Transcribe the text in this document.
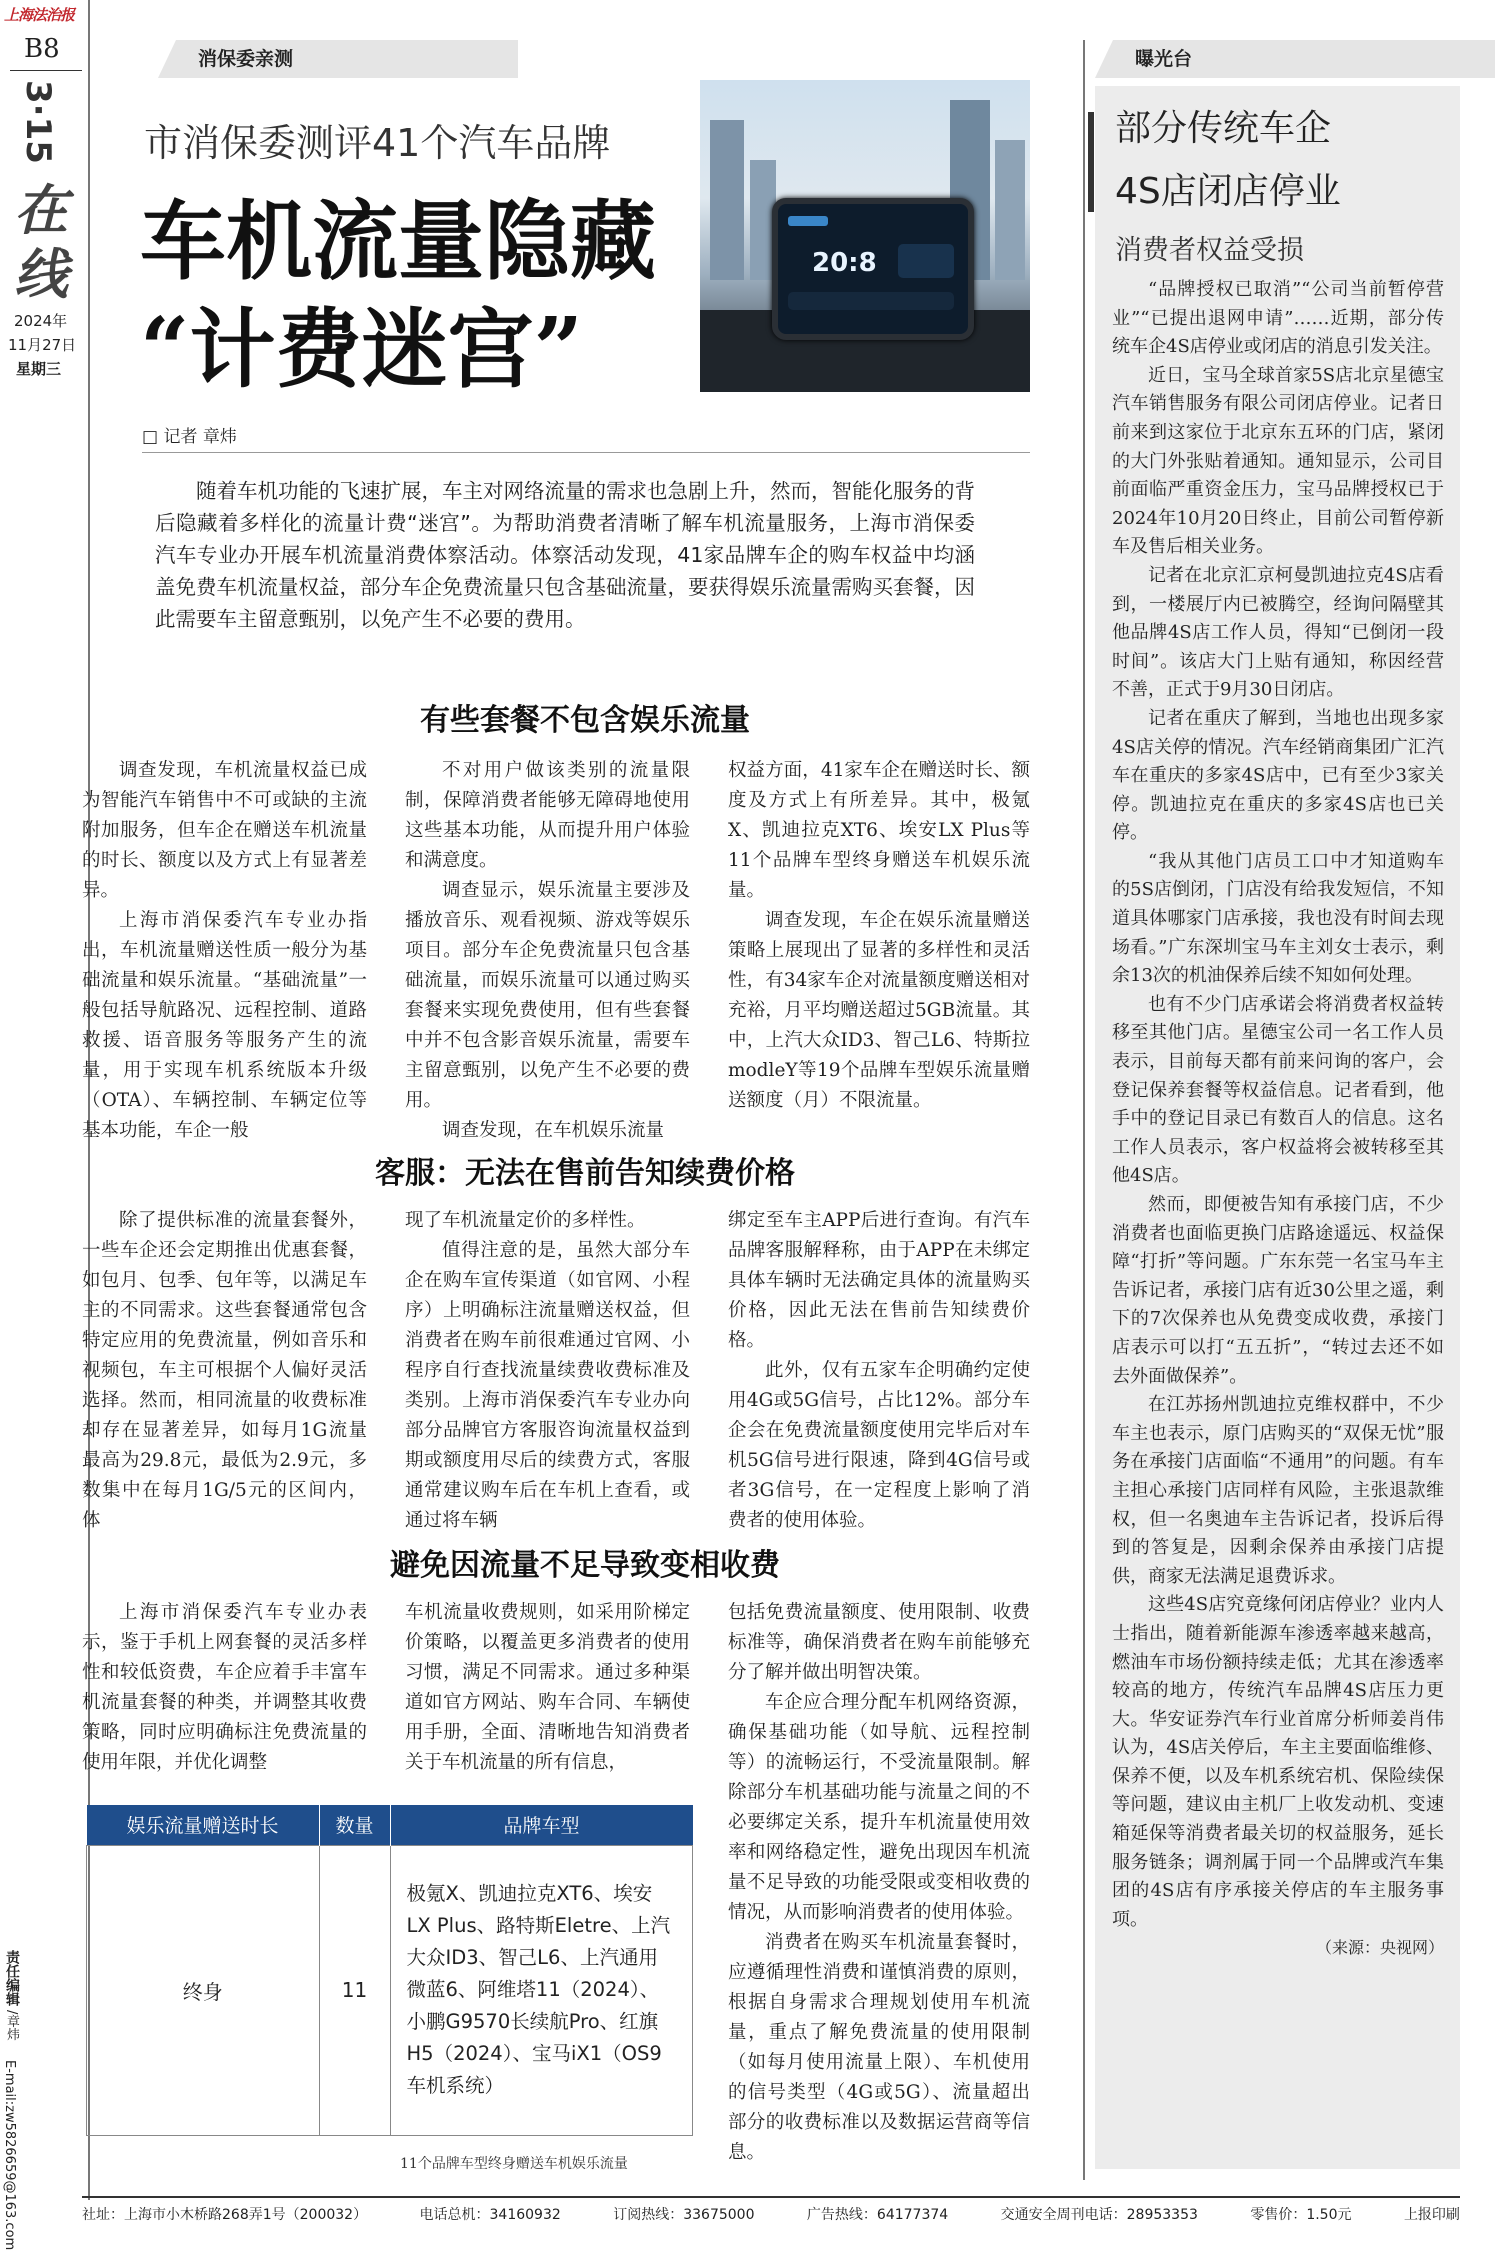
上海法治报
B8
3·15
在
线
2024年
11月27日
星期三
责任编辑
/章炜
E-mail:zw5826659@163.com
消保委亲测	曝光台
市消保委测评41个汽车品牌
车机流量隐藏
“计费迷宫”
20:8
□ 记者 章炜

随着车机功能的飞速扩展，车主对网络流量的需求也急剧上升，然而，智能化服务的背后隐藏着多样化的流量计费“迷宫”。为帮助消费者清晰了解车机流量服务，上海市消保委汽车专业办开展车机流量消费体察活动。体察活动发现，41家品牌车企的购车权益中均涵盖免费车机流量权益，部分车企免费流量只包含基础流量，要获得娱乐流量需购买套餐，因此需要车主留意甄别，以免产生不必要的费用。

有些套餐不包含娱乐流量

调查发现，车机流量权益已成为智能汽车销售中不可或缺的主流附加服务，但车企在赠送车机流量的时长、额度以及方式上有显著差异。

上海市消保委汽车专业办指出，车机流量赠送性质一般分为基础流量和娱乐流量。“基础流量”一般包括导航路况、远程控制、道路救援、语音服务等服务产生的流量，用于实现车机系统版本升级（OTA）、车辆控制、车辆定位等基本功能，车企一般

不对用户做该类别的流量限制，保障消费者能够无障碍地使用这些基本功能，从而提升用户体验和满意度。

调查显示，娱乐流量主要涉及播放音乐、观看视频、游戏等娱乐项目。部分车企免费流量只包含基础流量，而娱乐流量可以通过购买套餐来实现免费使用，但有些套餐中并不包含影音娱乐流量，需要车主留意甄别，以免产生不必要的费用。

调查发现，在车机娱乐流量

权益方面，41家车企在赠送时长、额度及方式上有所差异。其中，极氪X、凯迪拉克XT6、埃安LX Plus等11个品牌车型终身赠送车机娱乐流量。

调查发现，车企在娱乐流量赠送策略上展现出了显著的多样性和灵活性，有34家车企对流量额度赠送相对充裕，月平均赠送超过5GB流量。其中，上汽大众ID3、智己L6、特斯拉modleY等19个品牌车型娱乐流量赠送额度（月）不限流量。

客服：无法在售前告知续费价格

除了提供标准的流量套餐外，一些车企还会定期推出优惠套餐，如包月、包季、包年等，以满足车主的不同需求。这些套餐通常包含特定应用的免费流量，例如音乐和视频包，车主可根据个人偏好灵活选择。然而，相同流量的收费标准却存在显著差异，如每月1G流量最高为29.8元，最低为2.9元，多数集中在每月1G/5元的区间内，体

现了车机流量定价的多样性。

值得注意的是，虽然大部分车企在购车宣传渠道（如官网、小程序）上明确标注流量赠送权益，但消费者在购车前很难通过官网、小程序自行查找流量续费收费标准及类别。上海市消保委汽车专业办向部分品牌官方客服咨询流量权益到期或额度用尽后的续费方式，客服通常建议购车后在车机上查看，或通过将车辆

绑定至车主APP后进行查询。有汽车品牌客服解释称，由于APP在未绑定具体车辆时无法确定具体的流量购买价格，因此无法在售前告知续费价格。

此外，仅有五家车企明确约定使用4G或5G信号，占比12%。部分车企会在免费流量额度使用完毕后对车机5G信号进行限速，降到4G信号或者3G信号，在一定程度上影响了消费者的使用体验。

避免因流量不足导致变相收费

上海市消保委汽车专业办表示，鉴于手机上网套餐的灵活多样性和较低资费，车企应着手丰富车机流量套餐的种类，并调整其收费策略，同时应明确标注免费流量的使用年限，并优化调整

车机流量收费规则，如采用阶梯定价策略，以覆盖更多消费者的使用习惯，满足不同需求。通过多种渠道如官方网站、购车合同、车辆使用手册，全面、清晰地告知消费者关于车机流量的所有信息，

包括免费流量额度、使用限制、收费标准等，确保消费者在购车前能够充分了解并做出明智决策。

车企应合理分配车机网络资源，确保基础功能（如导航、远程控制等）的流畅运行，不受流量限制。解除部分车机基础功能与流量之间的不必要绑定关系，提升车机流量使用效率和网络稳定性，避免出现因车机流量不足导致的功能受限或变相收费的情况，从而影响消费者的使用体验。

消费者在购买车机流量套餐时，应遵循理性消费和谨慎消费的原则，根据自身需求合理规划使用车机流量，重点了解免费流量的使用限制（如每月使用流量上限）、车机使用的信号类型（4G或5G）、流量超出部分的收费标准以及数据运营商等信息。

娱乐流量赠送时长	数量	品牌车型
终身	11	极氪X、凯迪拉克XT6、埃安LX Plus、路特斯Eletre、上汽大众ID3、智己L6、上汽通用微蓝6、阿维塔11（2024）、小鹏G9570长续航Pro、红旗H5（2024）、宝马iX1（OS9车机系统）
11个品牌车型终身赠送车机娱乐流量
部分传统车企
4S店闭店停业
消费者权益受损

“品牌授权已取消”“公司当前暂停营业”“已提出退网申请”……近期，部分传统车企4S店停业或闭店的消息引发关注。

近日，宝马全球首家5S店北京星德宝汽车销售服务有限公司闭店停业。记者日前来到这家位于北京东五环的门店，紧闭的大门外张贴着通知。通知显示，公司目前面临严重资金压力，宝马品牌授权已于2024年10月20日终止，目前公司暂停新车及售后相关业务。

记者在北京汇京柯曼凯迪拉克4S店看到，一楼展厅内已被腾空，经询问隔壁其他品牌4S店工作人员，得知“已倒闭一段时间”。该店大门上贴有通知，称因经营不善，正式于9月30日闭店。

记者在重庆了解到，当地也出现多家4S店关停的情况。汽车经销商集团广汇汽车在重庆的多家4S店中，已有至少3家关停。凯迪拉克在重庆的多家4S店也已关停。

“我从其他门店员工口中才知道购车的5S店倒闭，门店没有给我发短信，不知道具体哪家门店承接，我也没有时间去现场看。”广东深圳宝马车主刘女士表示，剩余13次的机油保养后续不知如何处理。

也有不少门店承诺会将消费者权益转移至其他门店。星德宝公司一名工作人员表示，目前每天都有前来问询的客户，会登记保养套餐等权益信息。记者看到，他手中的登记目录已有数百人的信息。这名工作人员表示，客户权益将会被转移至其他4S店。

然而，即便被告知有承接门店，不少消费者也面临更换门店路途遥远、权益保障“打折”等问题。广东东莞一名宝马车主告诉记者，承接门店有近30公里之遥，剩下的7次保养也从免费变成收费，承接门店表示可以打“五五折”，“转过去还不如去外面做保养”。

在江苏扬州凯迪拉克维权群中，不少车主也表示，原门店购买的“双保无忧”服务在承接门店面临“不通用”的问题。有车主担心承接门店同样有风险，主张退款维权，但一名奥迪车主告诉记者，投诉后得到的答复是，因剩余保养由承接门店提供，商家无法满足退费诉求。

这些4S店究竟缘何闭店停业？业内人士指出，随着新能源车渗透率越来越高，燃油车市场份额持续走低；尤其在渗透率较高的地方，传统汽车品牌4S店压力更大。华安证券汽车行业首席分析师姜肖伟认为，4S店关停后，车主主要面临维修、保养不便，以及车机系统宕机、保险续保等问题，建议由主机厂上收发动机、变速箱延保等消费者最关切的权益服务，延长服务链条；调剂属于同一个品牌或汽车集团的4S店有序承接关停店的车主服务事项。

（来源：央视网）

社址：上海市小木桥路268弄1号（200032）	电话总机：34160932	订阅热线：33675000	广告热线：64177374	交通安全周刊电话：28953353	零售价：1.50元	上报印刷
